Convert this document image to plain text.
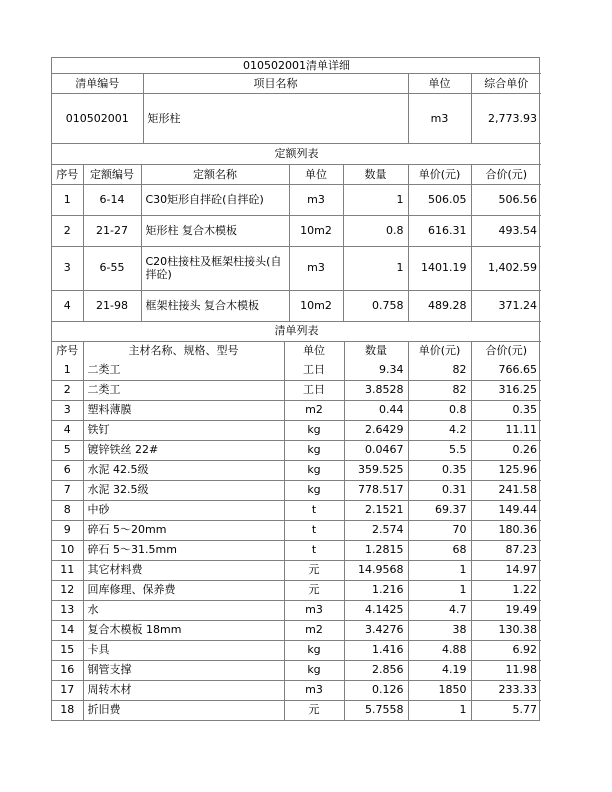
010502001清单详细			
清单编号	项目名称	单位	综合单价
010502001	矩形柱	m3	2,773.93
定额列表						
序号	定额编号	定额名称	单位	数量	单价(元)	合价(元)
1	6-14	C30矩形自拌砼(自拌砼)	m3	1	506.05	506.56
2	21-27	矩形柱 复合木模板	10m2	0.8	616.31	493.54
3	6-55	C20柱接柱及框架柱接头(自拌砼)	m3	1	1401.19	1,402.59
4	21-98	框架柱接头 复合木模板	10m2	0.758	489.28	371.24
清单列表					
序号	主材名称、规格、型号	单位	数量	单价(元)	合价(元)
1	二类工	工日	9.34	82	766.65
2	二类工	工日	3.8528	82	316.25
3	塑料薄膜	m2	0.44	0.8	0.35
4	铁钉	kg	2.6429	4.2	11.11
5	镀锌铁丝 22#	kg	0.0467	5.5	0.26
6	水泥 42.5级	kg	359.525	0.35	125.96
7	水泥 32.5级	kg	778.517	0.31	241.58
8	中砂	t	2.1521	69.37	149.44
9	碎石 5～20mm	t	2.574	70	180.36
10	碎石 5～31.5mm	t	1.2815	68	87.23
11	其它材料费	元	14.9568	1	14.97
12	回库修理、保养费	元	1.216	1	1.22
13	水	m3	4.1425	4.7	19.49
14	复合木模板 18mm	m2	3.4276	38	130.38
15	卡具	kg	1.416	4.88	6.92
16	钢管支撑	kg	2.856	4.19	11.98
17	周转木材	m3	0.126	1850	233.33
18	折旧费	元	5.7558	1	5.77
